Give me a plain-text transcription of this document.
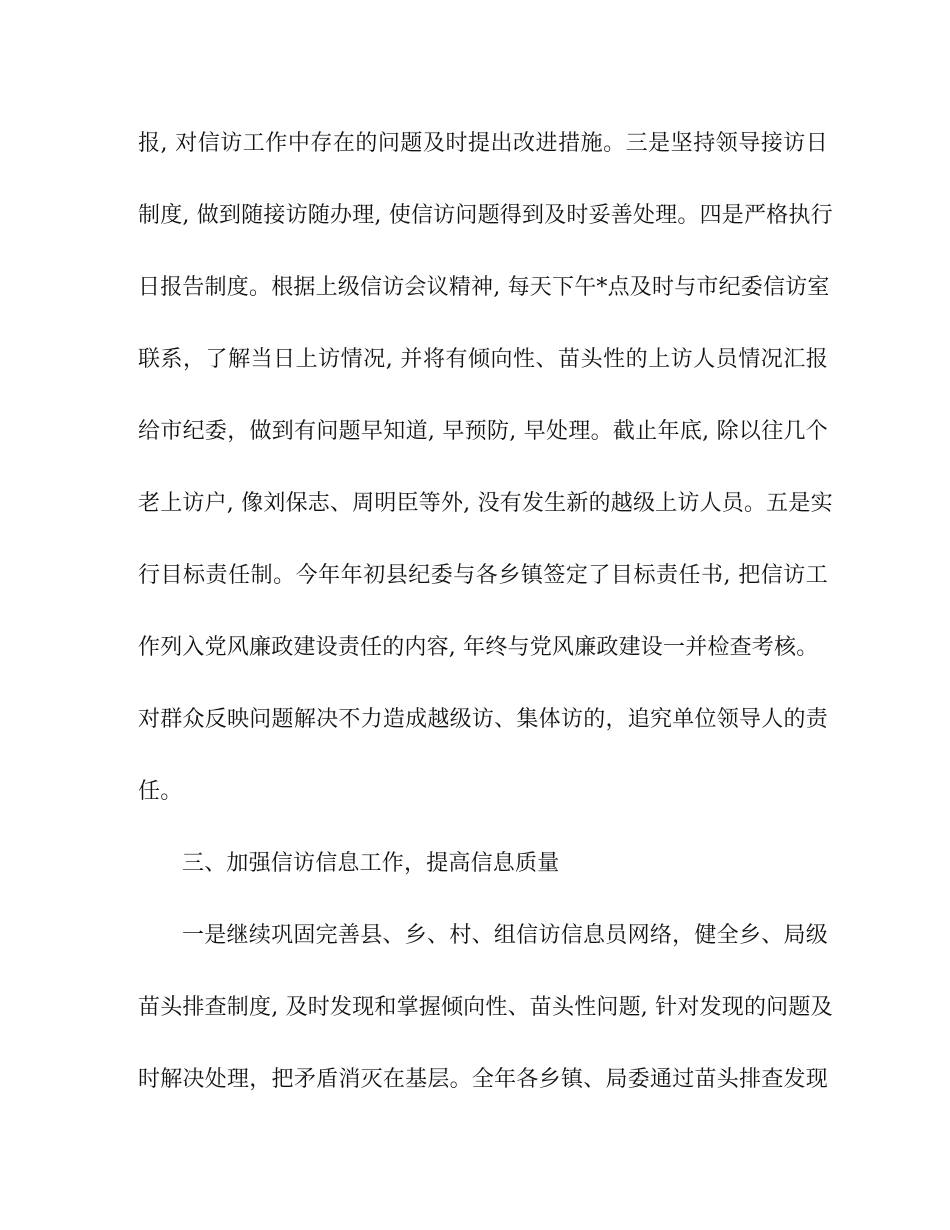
报, 对信访工作中存在的问题及时提出改进措施。三是坚持领导接访日
制度, 做到随接访随办理, 使信访问题得到及时妥善处理。四是严格执行
日报告制度。根据上级信访会议精神, 每天下午*点及时与市纪委信访室
联系，了解当日上访情况, 并将有倾向性、苗头性的上访人员情况汇报
给市纪委，做到有问题早知道, 早预防, 早处理。截止年底, 除以往几个
老上访户, 像刘保志、周明臣等外, 没有发生新的越级上访人员。五是实
行目标责任制。今年年初县纪委与各乡镇签定了目标责任书, 把信访工
作列入党风廉政建设责任的内容, 年终与党风廉政建设一并检查考核。
对群众反映问题解决不力造成越级访、集体访的，追究单位领导人的责
任。
三、加强信访信息工作，提高信息质量
一是继续巩固完善县、乡、村、组信访信息员网络，健全乡、局级
苗头排查制度, 及时发现和掌握倾向性、苗头性问题, 针对发现的问题及
时解决处理，把矛盾消灭在基层。全年各乡镇、局委通过苗头排查发现
